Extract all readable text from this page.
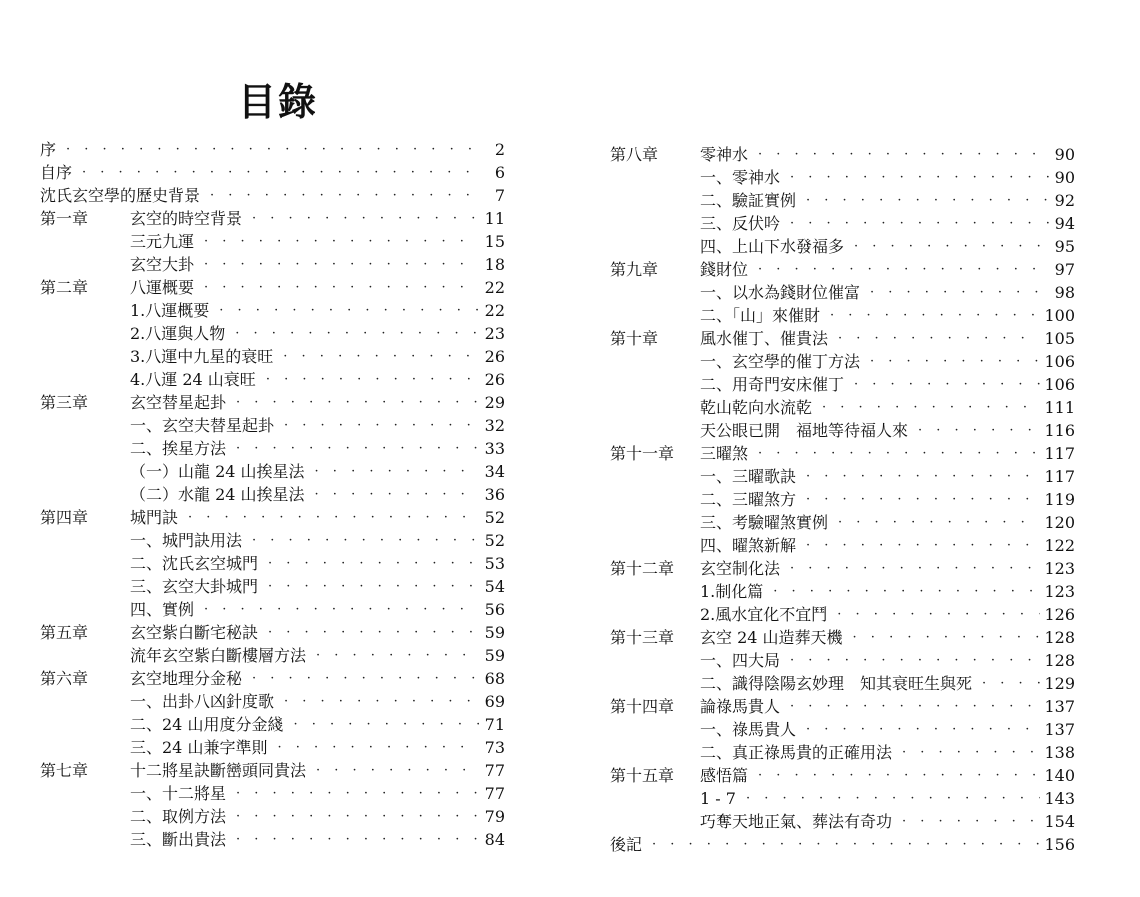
目錄
序 · · ·	2
自序 · · ·	6
沈氏玄空學的歷史背景 · · ·	7
第一章	玄空的時空背景 · · ·	11
三元九運 · · ·	15
玄空大卦 · · ·	18
第二章	八運概要 · · ·	22
1.八運概要 · · ·	22
2.八運與人物 · · ·	23
3.八運中九星的衰旺 · · ·	26
4.八運 24 山衰旺 · · ·	26
第三章	玄空替星起卦 · · ·	29
一、玄空夫替星起卦 · · ·	32
二、挨星方法 · · ·	33
（一）山龍 24 山挨星法 · · ·	34
（二）水龍 24 山挨星法 · · ·	36
第四章	城門訣 · · ·	52
一、城門訣用法 · · ·	52
二、沈氏玄空城門 · · ·	53
三、玄空大卦城門 · · ·	54
四、實例 · · ·	56
第五章	玄空紫白斷宅秘訣 · · ·	59
流年玄空紫白斷樓層方法 · · ·	59
第六章	玄空地理分金秘 · · ·	68
一、出卦八凶針度歌 · · ·	69
二、24 山用度分金綫 · · ·	71
三、24 山兼字準則 · · ·	73
第七章	十二將星訣斷巒頭同貴法 · · ·	77
一、十二將星 · · ·	77
二、取例方法 · · ·	79
三、斷出貴法 · · ·	84
第八章	零神水 · · ·	90
一、零神水 · · ·	90
二、驗証實例 · · ·	92
三、反伏吟 · · ·	94
四、上山下水發福多 · · ·	95
第九章	錢財位 · · ·	97
一、以水為錢財位催富 · · ·	98
二、「山」來催財 · · ·	100
第十章	風水催丁、催貴法 · · ·	105
一、玄空學的催丁方法 · · ·	106
二、用奇門安床催丁 · · ·	106
乾山乾向水流乾 · · ·	111
天公眼已開　福地等待福人來 · · ·	116
第十一章	三曜煞 · · ·	117
一、三曜歌訣 · · ·	117
二、三曜煞方 · · ·	119
三、考驗曜煞實例 · · ·	120
四、曜煞新解 · · ·	122
第十二章	玄空制化法 · · ·	123
1.制化篇 · · ·	123
2.風水宜化不宜鬥 · · ·	126
第十三章	玄空 24 山造葬天機 · · ·	128
一、四大局 · · ·	128
二、識得陰陽玄妙理　知其衰旺生與死 · · ·	129
第十四章	論祿馬貴人 · · ·	137
一、祿馬貴人 · · ·	137
二、真正祿馬貴的正確用法 · · ·	138
第十五章	感悟篇 · · ·	140
1 - 7 · · ·	143
巧奪天地正氣、葬法有奇功 · · ·	154
後記 · · ·	156
